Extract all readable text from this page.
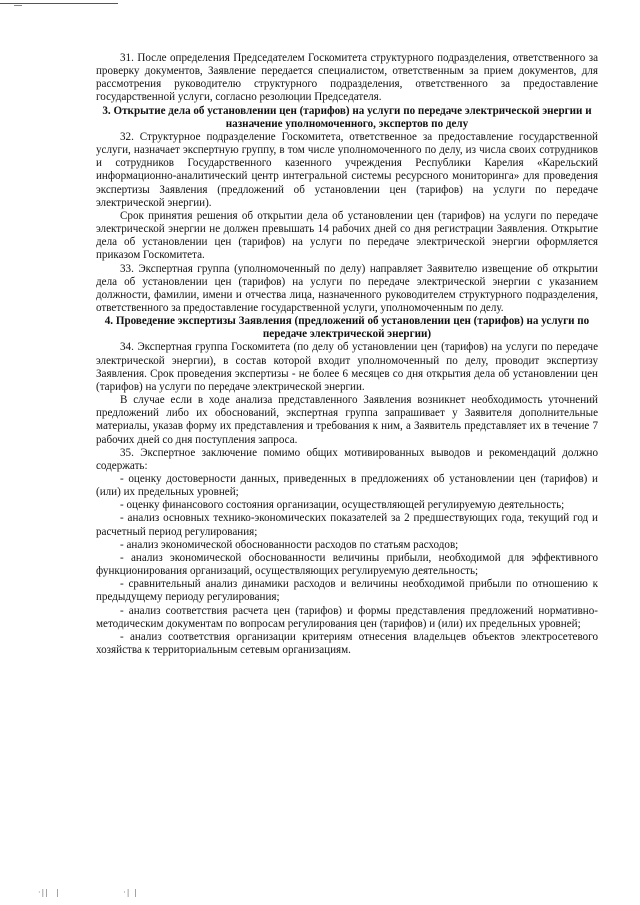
31. После определения Председателем Госкомитета структурного подразделения, ответственного за проверку документов, Заявление передается специалистом, ответственным за прием документов, для рассмотрения руководителю структурного подразделения, ответственного за предоставление государственной услуги, согласно резолюции Председателя.

3. Открытие дела об установлении цен (тарифов) на услуги по передаче электрической энергии и назначение уполномоченного, экспертов по делу

32. Структурное подразделение Госкомитета, ответственное за предоставление государственной услуги, назначает экспертную группу, в том числе уполномоченного по делу, из числа своих сотрудников и сотрудников Государственного казенного учреждения Республики Карелия «Карельский информационно-аналитический центр интегральной системы ресурсного мониторинга» для проведения экспертизы Заявления (предложений об установлении цен (тарифов) на услуги по передаче электрической энергии).

Срок принятия решения об открытии дела об установлении цен (тарифов) на услуги по передаче электрической энергии не должен превышать 14 рабочих дней со дня регистрации Заявления. Открытие дела об установлении цен (тарифов) на услуги по передаче электрической энергии оформляется приказом Госкомитета.

33. Экспертная группа (уполномоченный по делу) направляет Заявителю извещение об открытии дела об установлении цен (тарифов) на услуги по передаче электрической энергии с указанием должности, фамилии, имени и отчества лица, назначенного руководителем структурного подразделения, ответственного за предоставление государственной услуги, уполномоченным по делу.

4. Проведение экспертизы Заявления (предложений об установлении цен (тарифов) на услуги по передаче электрической энергии)

34. Экспертная группа Госкомитета (по делу об установлении цен (тарифов) на услуги по передаче электрической энергии), в состав которой входит уполномоченный по делу, проводит экспертизу Заявления. Срок проведения экспертизы - не более 6 месяцев со дня открытия дела об установлении цен (тарифов) на услуги по передаче электрической энергии.

В случае если в ходе анализа представленного Заявления возникнет необходимость уточнений предложений либо их обоснований, экспертная группа запрашивает у Заявителя дополнительные материалы, указав форму их представления и требования к ним, а Заявитель представляет их в течение 7 рабочих дней со дня поступления запроса.

35. Экспертное заключение помимо общих мотивированных выводов и рекомендаций должно содержать:

- оценку достоверности данных, приведенных в предложениях об установлении цен (тарифов) и (или) их предельных уровней;

- оценку финансового состояния организации, осуществляющей регулируемую деятельность;

- анализ основных технико-экономических показателей за 2 предшествующих года, текущий год и расчетный период регулирования;

- анализ экономической обоснованности расходов по статьям расходов;

- анализ экономической обоснованности величины прибыли, необходимой для эффективного функционирования организаций, осуществляющих регулируемую деятельность;

- сравнительный анализ динамики расходов и величины необходимой прибыли по отношению к предыдущему периоду регулирования;

- анализ соответствия расчета цен (тарифов) и формы представления предложений нормативно-методическим документам по вопросам регулирования цен (тарифов) и (или) их предельных уровней;

- анализ соответствия организации критериям отнесения владельцев объектов электросетевого хозяйства к территориальным сетевым организациям.

·||  |	·| |
